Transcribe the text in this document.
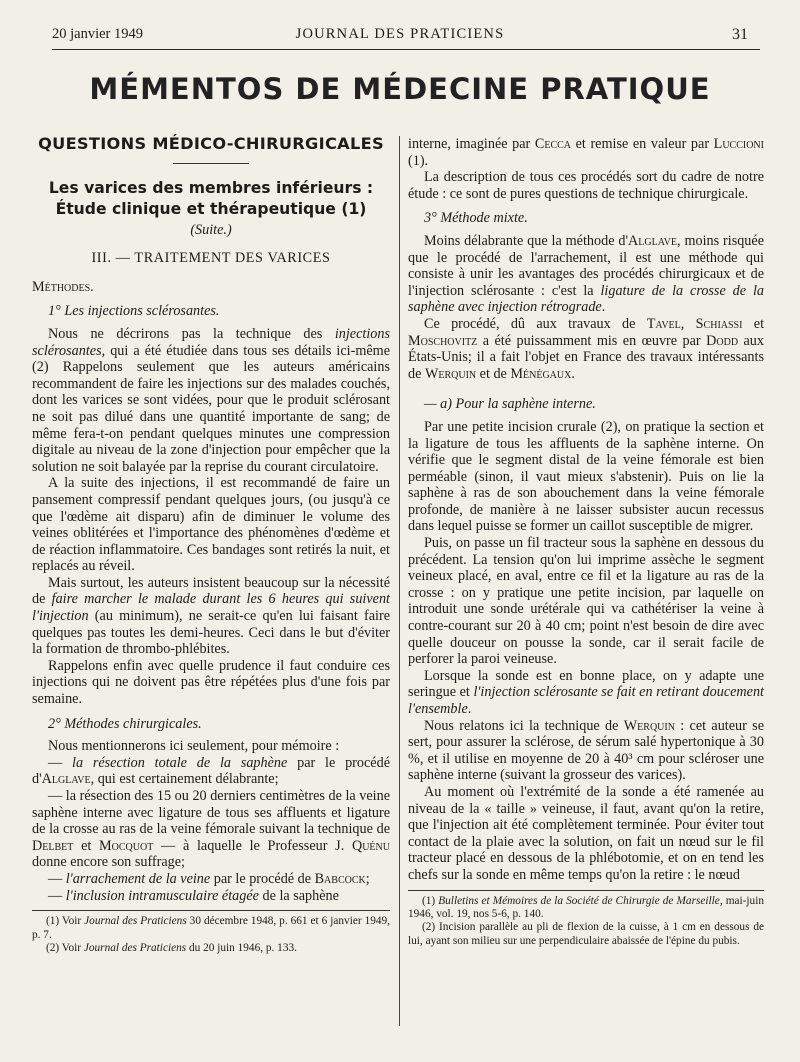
20 janvier 1949	JOURNAL DES PRATICIENS	31
MÉMENTOS DE MÉDECINE PRATIQUE
QUESTIONS MÉDICO-CHIRURGICALES
Les varices des membres inférieurs :
Étude clinique et thérapeutique (1)
(Suite.)
III. — TRAITEMENT DES VARICES

Méthodes.

1° Les injections sclérosantes.

Nous ne décrirons pas la technique des injections sclérosantes, qui a été étudiée dans tous ses détails ici-même (2) Rappelons seulement que les auteurs américains recommandent de faire les injections sur des malades couchés, dont les varices se sont vidées, pour que le produit sclérosant ne soit pas dilué dans une quantité importante de sang; de même fera-t-on pendant quelques minutes une compression digitale au niveau de la zone d'injection pour empêcher que la solution ne soit balayée par la reprise du courant circulatoire.

A la suite des injections, il est recommandé de faire un pansement compressif pendant quelques jours, (ou jusqu'à ce que l'œdème ait disparu) afin de diminuer le volume des veines oblitérées et l'importance des phénomènes d'œdème et de réaction inflammatoire. Ces bandages sont retirés la nuit, et replacés au réveil.

Mais surtout, les auteurs insistent beaucoup sur la nécessité de faire marcher le malade durant les 6 heures qui suivent l'injection (au minimum), ne serait-ce qu'en lui faisant faire quelques pas toutes les demi-heures. Ceci dans le but d'éviter la formation de thrombo-phlébites.

Rappelons enfin avec quelle prudence il faut conduire ces injections qui ne doivent pas être répétées plus d'une fois par semaine.

2° Méthodes chirurgicales.

Nous mentionnerons ici seulement, pour mémoire :

— la résection totale de la saphène par le procédé d'Alglave, qui est certainement délabrante;

— la résection des 15 ou 20 derniers centimètres de la veine saphène interne avec ligature de tous ses affluents et ligature de la crosse au ras de la veine fémorale suivant la technique de Delbet et Mocquot — à laquelle le Professeur J. Quénu donne encore son suffrage;

— l'arrachement de la veine par le procédé de Babcock;

— l'inclusion intramusculaire étagée de la saphène

(1) Voir Journal des Praticiens 30 décembre 1948, p. 661 et 6 janvier 1949, p. 7.

(2) Voir Journal des Praticiens du 20 juin 1946, p. 133.

interne, imaginée par Cecca et remise en valeur par Luccioni (1).

La description de tous ces procédés sort du cadre de notre étude : ce sont de pures questions de technique chirurgicale.

3° Méthode mixte.

Moins délabrante que la méthode d'Alglave, moins risquée que le procédé de l'arrachement, il est une méthode qui consiste à unir les avantages des procédés chirurgicaux et de l'injection sclérosante : c'est la ligature de la crosse de la saphène avec injection rétrograde.

Ce procédé, dû aux travaux de Tavel, Schiassi et Moschovitz a été puissamment mis en œuvre par Dodd aux États-Unis; il a fait l'objet en France des travaux intéressants de Werquin et de Ménégaux.

— a) Pour la saphène interne.

Par une petite incision crurale (2), on pratique la section et la ligature de tous les affluents de la saphène interne. On vérifie que le segment distal de la veine fémorale est bien perméable (sinon, il vaut mieux s'abstenir). Puis on lie la saphène à ras de son abouchement dans la veine fémorale profonde, de manière à ne laisser subsister aucun recessus dans lequel puisse se former un caillot susceptible de migrer.

Puis, on passe un fil tracteur sous la saphène en dessous du précédent. La tension qu'on lui imprime assèche le segment veineux placé, en aval, entre ce fil et la ligature au ras de la crosse : on y pratique une petite incision, par laquelle on introduit une sonde urétérale qui va cathétériser la veine à contre-courant sur 20 à 40 cm; point n'est besoin de dire avec quelle douceur on pousse la sonde, car il serait facile de perforer la paroi veineuse.

Lorsque la sonde est en bonne place, on y adapte une seringue et l'injection sclérosante se fait en retirant doucement l'ensemble.

Nous relatons ici la technique de Werquin : cet auteur se sert, pour assurer la sclérose, de sérum salé hypertonique à 30 %, et il utilise en moyenne de 20 à 40³ cm pour scléroser une saphène interne (suivant la grosseur des varices).

Au moment où l'extrémité de la sonde a été ramenée au niveau de la « taille » veineuse, il faut, avant qu'on la retire, que l'injection ait été complètement terminée. Pour éviter tout contact de la plaie avec la solution, on fait un nœud sur le fil tracteur placé en dessous de la phlébotomie, et on en tend les chefs sur la sonde en même temps qu'on la retire : le nœud

(1) Bulletins et Mémoires de la Société de Chirurgie de Marseille, mai-juin 1946, vol. 19, nos 5-6, p. 140.

(2) Incision parallèle au pli de flexion de la cuisse, à 1 cm en dessous de lui, ayant son milieu sur une perpendiculaire abaissée de l'épine du pubis.
